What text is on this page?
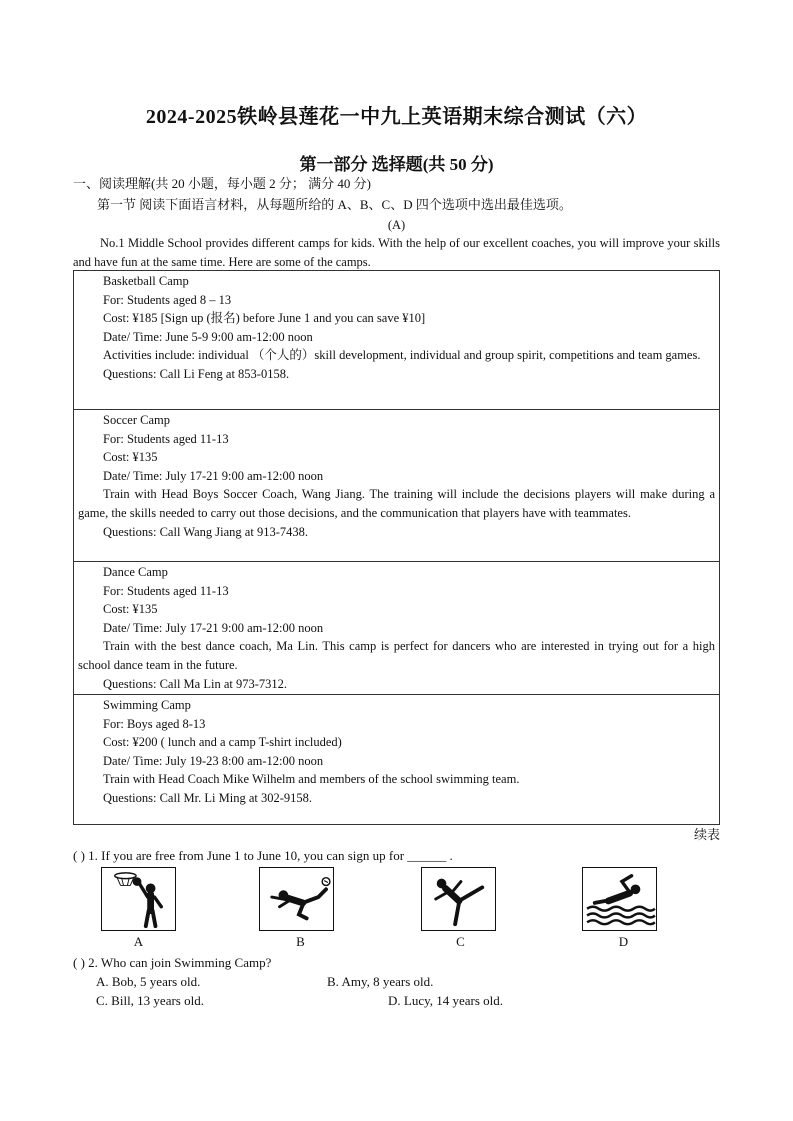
2024-2025铁岭县莲花一中九上英语期末综合测试（六）
第一部分 选择题(共 50 分)
一、阅读理解(共 20 小题，每小题 2 分； 满分 40 分)
第一节 阅读下面语言材料，从每题所给的 A、B、C、D 四个选项中选出最佳选项。
(A)
No.1 Middle School provides different camps for kids. With the help of our excellent coaches, you will improve your skills and have fun at the same time. Here are some of the camps.
Basketball Camp
For: Students aged 8 – 13
Cost: ¥185 [Sign up (报名) before June 1 and you can save ¥10]
Date/ Time: June 5-9 9:00 am-12:00 noon
Activities include: individual （个人的）skill development, individual and group spirit, competitions and team games.
Questions: Call Li Feng at 853-0158.
Soccer Camp
For: Students aged 11-13
Cost: ¥135
Date/ Time: July 17-21 9:00 am-12:00 noon
Train with Head Boys Soccer Coach, Wang Jiang. The training will include the decisions players will make during a game, the skills needed to carry out those decisions, and the communication that players have with teammates.
Questions: Call Wang Jiang at 913-7438.
Dance Camp
For: Students aged 11-13
Cost: ¥135
Date/ Time: July 17-21 9:00 am-12:00 noon
Train with the best dance coach, Ma Lin. This camp is perfect for dancers who are interested in trying out for a high school dance team in the future.
Questions: Call Ma Lin at 973-7312.
Swimming Camp
For: Boys aged 8-13
Cost: ¥200 ( lunch and a camp T-shirt included)
Date/ Time: July 19-23 8:00 am-12:00 noon
Train with Head Coach Mike Wilhelm and members of the school swimming team.
Questions: Call Mr. Li Ming at 302-9158.
续表
( ) 1. If you are free from June 1 to June 10, you can sign up for ______ .
A	B	C	D
( ) 2. Who can join Swimming Camp?
A. Bob, 5 years old.	B. Amy, 8 years old.
C. Bill, 13 years old.	D. Lucy, 14 years old.
